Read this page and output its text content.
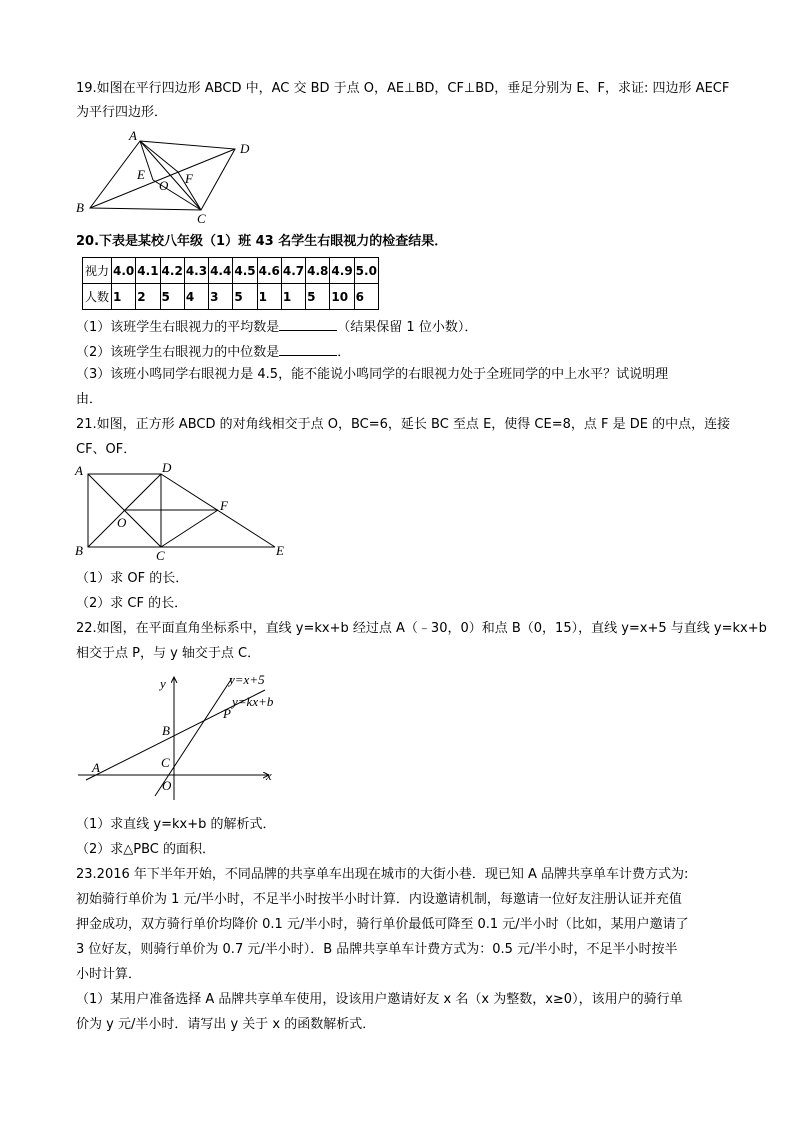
19.如图在平行四边形 ABCD 中，AC 交 BD 于点 O，AE⊥BD，CF⊥BD，垂足分别为 E、F，求证: 四边形 AECF
为平行四边形．
A
D
B
C
E
O F
20.下表是某校八年级（1）班 43 名学生右眼视力的检查结果．
视力	4.0	4.1	4.2	4.3	4.4	4.5	4.6	4.7	4.8	4.9	5.0
人数	1	2	5	4	3	5	1	1	5	10	6
（1）该班学生右眼视力的平均数是	（结果保留 1 位小数）．
（2）该班学生右眼视力的中位数是	．
（3）该班小鸣同学右眼视力是 4.5，能不能说小鸣同学的右眼视力处于全班同学的中上水平？试说明理
由．
21.如图，正方形 ABCD 的对角线相交于点 O，BC=6，延长 BC 至点 E，使得 CE=8，点 F 是 DE 的中点，连接
CF、OF．
A	D
F
O
B	C	E
（1）求 OF 的长．
（2）求 CF 的长．
22.如图，在平面直角坐标系中，直线 y=kx+b 经过点 A（﹣30，0）和点 B（0，15），直线 y=x+5 与直线 y=kx+b
相交于点 P，与 y 轴交于点 C．
y
x
y=x+5
y=kx+b
P
B
C
A
O
（1）求直线 y=kx+b 的解析式．
（2）求△PBC 的面积．
23.2016 年下半年开始，不同品牌的共享单车出现在城市的大街小巷．现已知 A 品牌共享单车计费方式为:
初始骑行单价为 1 元/半小时，不足半小时按半小时计算．内设邀请机制，每邀请一位好友注册认证并充值
押金成功，双方骑行单价均降价 0.1 元/半小时，骑行单价最低可降至 0.1 元/半小时（比如，某用户邀请了
3 位好友，则骑行单价为 0.7 元/半小时）．B 品牌共享单车计费方式为：0.5 元/半小时，不足半小时按半
小时计算．
（1）某用户准备选择 A 品牌共享单车使用，设该用户邀请好友 x 名（x 为整数，x≥0），该用户的骑行单
价为 y 元/半小时．请写出 y 关于 x 的函数解析式．
